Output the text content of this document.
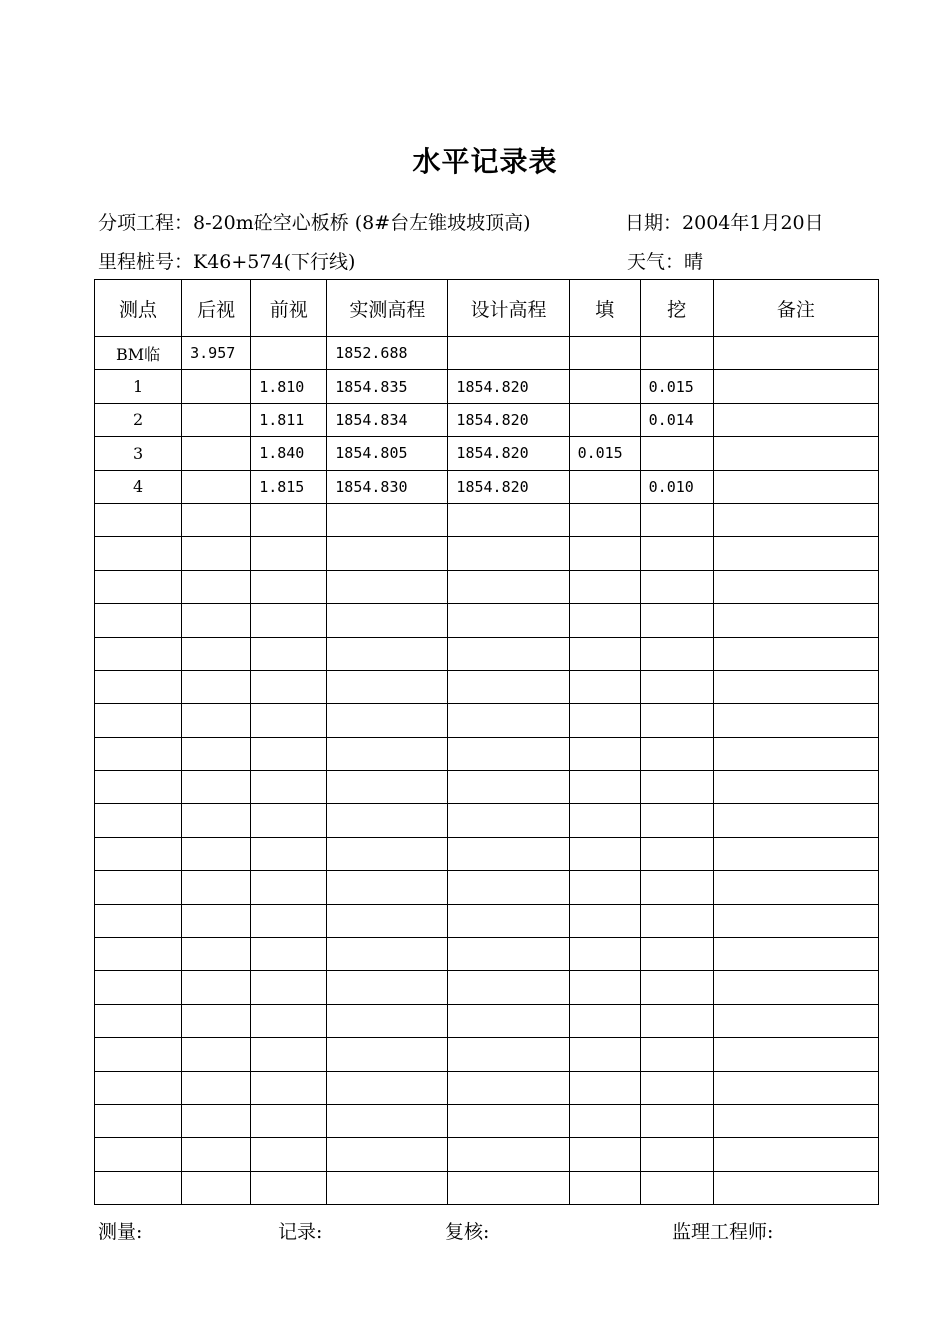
水平记录表
分项工程：8-20m砼空心板桥 (8#台左锥坡坡顶高)	日期：2004年1月20日
里程桩号：K46+574(下行线)	天气：晴
测点	后视	前视	实测高程	设计高程	填	挖	备注
BM临	3.957		1852.688				
1		1.810	1854.835	1854.820		0.015	
2		1.811	1854.834	1854.820		0.014	
3		1.840	1854.805	1854.820	0.015		
4		1.815	1854.830	1854.820		0.010	

测量:	记录:	复核:	监理工程师:
